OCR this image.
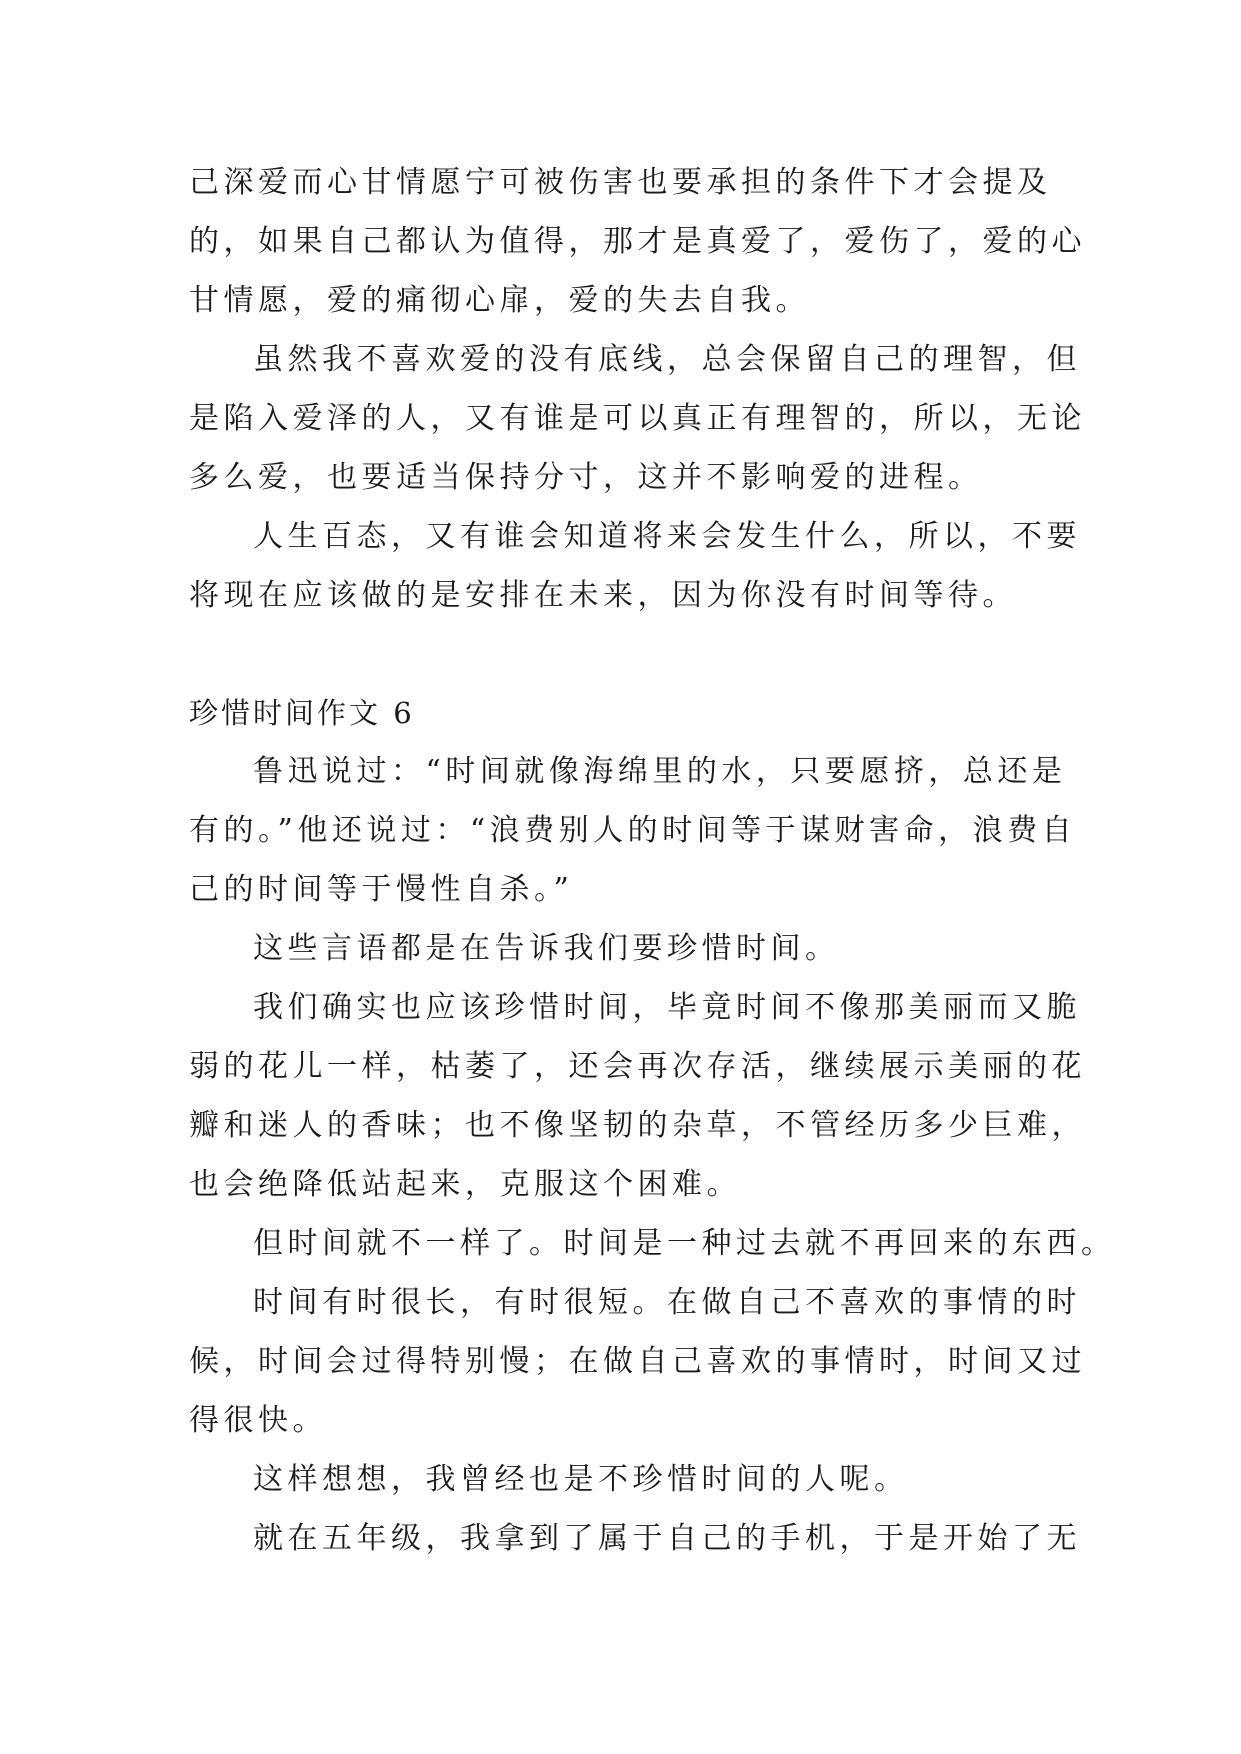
己深爱而心甘情愿宁可被伤害也要承担的条件下才会提及
的，如果自己都认为值得，那才是真爱了，爱伤了，爱的心
甘情愿，爱的痛彻心扉，爱的失去自我。
虽然我不喜欢爱的没有底线，总会保留自己的理智，但
是陷入爱泽的人，又有谁是可以真正有理智的，所以，无论
多么爱，也要适当保持分寸，这并不影响爱的进程。
人生百态，又有谁会知道将来会发生什么，所以，不要
将现在应该做的是安排在未来，因为你没有时间等待。
珍惜时间作文 6
鲁迅说过：“时间就像海绵里的水，只要愿挤，总还是
有的。”他还说过：“浪费别人的时间等于谋财害命，浪费自
己的时间等于慢性自杀。”
这些言语都是在告诉我们要珍惜时间。
我们确实也应该珍惜时间，毕竟时间不像那美丽而又脆
弱的花儿一样，枯萎了，还会再次存活，继续展示美丽的花
瓣和迷人的香味；也不像坚韧的杂草，不管经历多少巨难，
也会绝降低站起来，克服这个困难。
但时间就不一样了。时间是一种过去就不再回来的东西。
时间有时很长，有时很短。在做自己不喜欢的事情的时
候，时间会过得特别慢；在做自己喜欢的事情时，时间又过
得很快。
这样想想，我曾经也是不珍惜时间的人呢。
就在五年级，我拿到了属于自己的手机，于是开始了无
